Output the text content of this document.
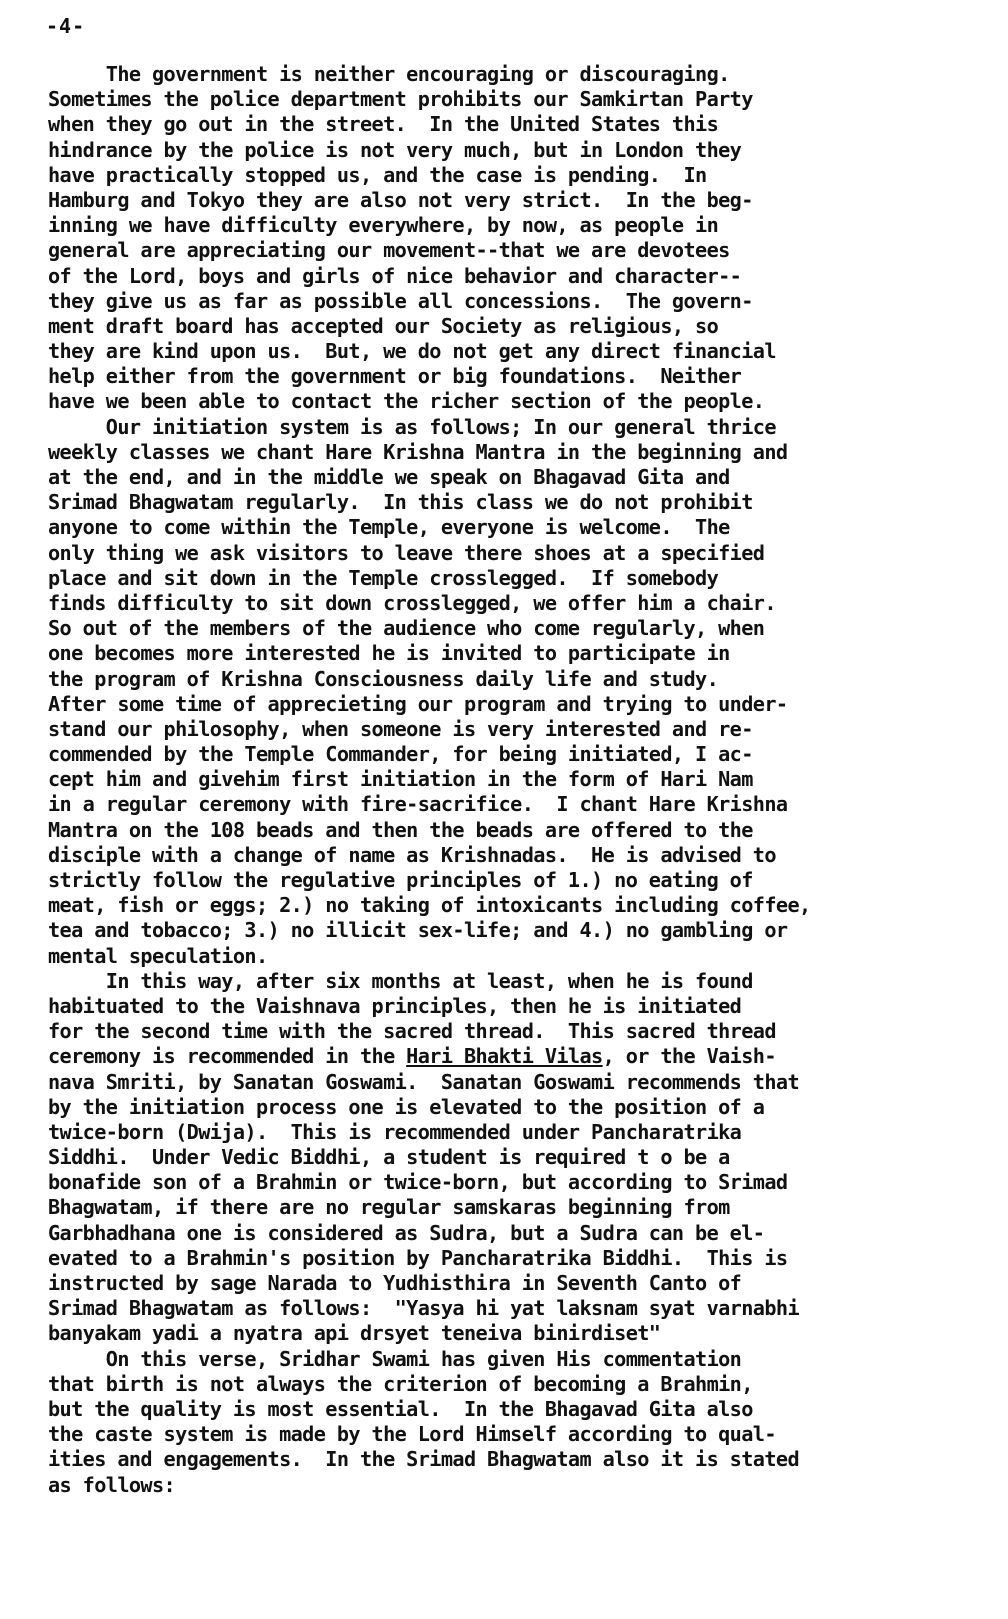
-4-
The government is neither encouraging or discouraging.
Sometimes the police department prohibits our Samkirtan Party
when they go out in the street.  In the United States this
hindrance by the police is not very much, but in London they
have practically stopped us, and the case is pending.  In
Hamburg and Tokyo they are also not very strict.  In the beg-
inning we have difficulty everywhere, by now, as people in
general are appreciating our movement--that we are devotees
of the Lord, boys and girls of nice behavior and character--
they give us as far as possible all concessions.  The govern-
ment draft board has accepted our Society as religious, so
they are kind upon us.  But, we do not get any direct financial
help either from the government or big foundations.  Neither
have we been able to contact the richer section of the people.
Our initiation system is as follows; In our general thrice
weekly classes we chant Hare Krishna Mantra in the beginning and
at the end, and in the middle we speak on Bhagavad Gita and
Srimad Bhagwatam regularly.  In this class we do not prohibit
anyone to come within the Temple, everyone is welcome.  The
only thing we ask visitors to leave there shoes at a specified
place and sit down in the Temple crosslegged.  If somebody
finds difficulty to sit down crosslegged, we offer him a chair.
So out of the members of the audience who come regularly, when
one becomes more interested he is invited to participate in
the program of Krishna Consciousness daily life and study.
After some time of apprecieting our program and trying to under-
stand our philosophy, when someone is very interested and re-
commended by the Temple Commander, for being initiated, I ac-
cept him and givehim first initiation in the form of Hari Nam
in a regular ceremony with fire-sacrifice.  I chant Hare Krishna
Mantra on the 108 beads and then the beads are offered to the
disciple with a change of name as Krishnadas.  He is advised to
strictly follow the regulative principles of 1.) no eating of
meat, fish or eggs; 2.) no taking of intoxicants including coffee,
tea and tobacco; 3.) no illicit sex-life; and 4.) no gambling or
mental speculation.
In this way, after six months at least, when he is found
habituated to the Vaishnava principles, then he is initiated
for the second time with the sacred thread.  This sacred thread
ceremony is recommended in the Hari Bhakti Vilas, or the Vaish-
nava Smriti, by Sanatan Goswami.  Sanatan Goswami recommends that
by the initiation process one is elevated to the position of a
twice-born (Dwija).  This is recommended under Pancharatrika
Siddhi.  Under Vedic Biddhi, a student is required t o be a
bonafide son of a Brahmin or twice-born, but according to Srimad
Bhagwatam, if there are no regular samskaras beginning from
Garbhadhana one is considered as Sudra, but a Sudra can be el-
evated to a Brahmin's position by Pancharatrika Biddhi.  This is
instructed by sage Narada to Yudhisthira in Seventh Canto of
Srimad Bhagwatam as follows:  "Yasya hi yat laksnam syat varnabhi
banyakam yadi a nyatra api drsyet teneiva binirdiset"
On this verse, Sridhar Swami has given His commentation
that birth is not always the criterion of becoming a Brahmin,
but the quality is most essential.  In the Bhagavad Gita also
the caste system is made by the Lord Himself according to qual-
ities and engagements.  In the Srimad Bhagwatam also it is stated
as follows:
